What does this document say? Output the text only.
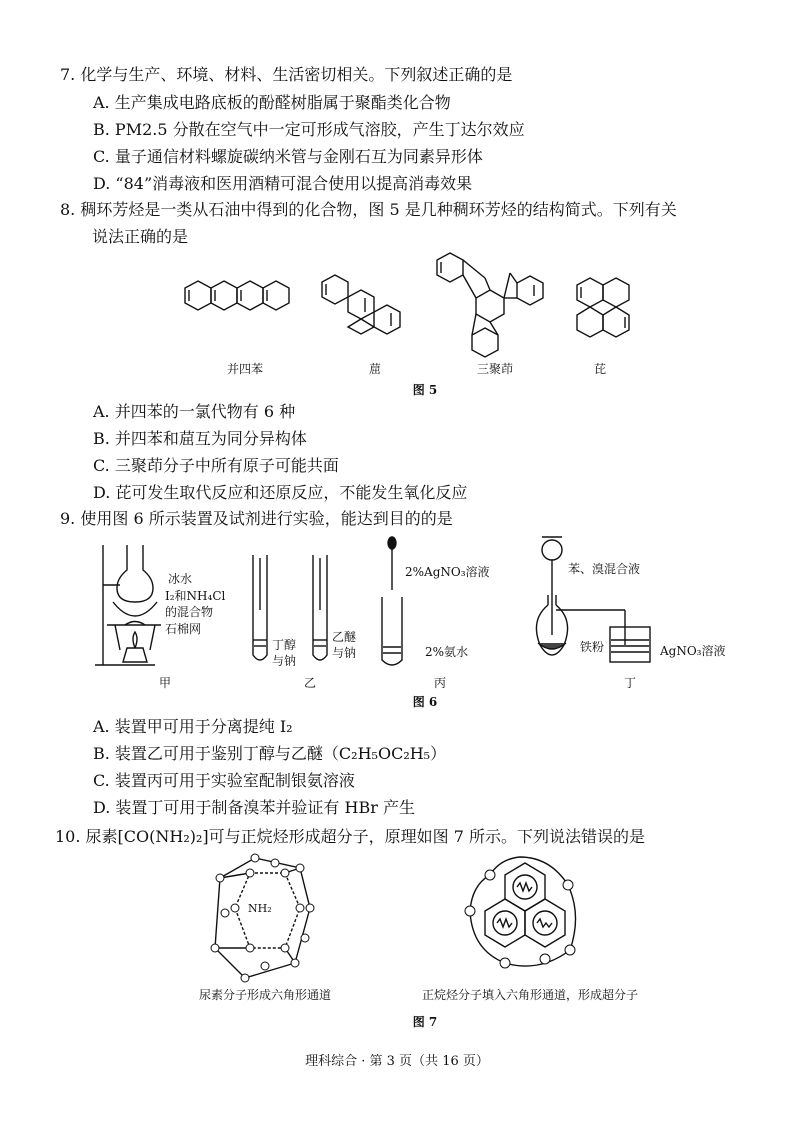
7. 化学与生产、环境、材料、生活密切相关。下列叙述正确的是
A. 生产集成电路底板的酚醛树脂属于聚酯类化合物
B. PM2.5 分散在空气中一定可形成气溶胶，产生丁达尔效应
C. 量子通信材料螺旋碳纳米管与金刚石互为同素异形体
D. “84”消毒液和医用酒精可混合使用以提高消毒效果
8. 稠环芳烃是一类从石油中得到的化合物，图 5 是几种稠环芳烃的结构简式。下列有关
说法正确的是
并四苯	䓛	三聚茚	芘
图 5
A. 并四苯的一氯代物有 6 种
B. 并四苯和䓛互为同分异构体
C. 三聚茚分子中所有原子可能共面
D. 芘可发生取代反应和还原反应，不能发生氧化反应
9. 使用图 6 所示装置及试剂进行实验，能达到目的的是
冰水
I₂和NH₄Cl
的混合物
石棉网
甲
丁醇
与钠
乙醚
与钠
乙
2%AgNO₃溶液
2%氨水
丙
苯、溴混合液
铁粉	AgNO₃溶液
丁
图 6
A. 装置甲可用于分离提纯 I₂
B. 装置乙可用于鉴别丁醇与乙醚（C₂H₅OC₂H₅）
C. 装置丙可用于实验室配制银氨溶液
D. 装置丁可用于制备溴苯并验证有 HBr 产生
10. 尿素[CO(NH₂)₂]可与正烷烃形成超分子，原理如图 7 所示。下列说法错误的是
NH₂
尿素分子形成六角形通道	正烷烃分子填入六角形通道，形成超分子
图 7
理科综合 · 第 3 页（共 16 页）
